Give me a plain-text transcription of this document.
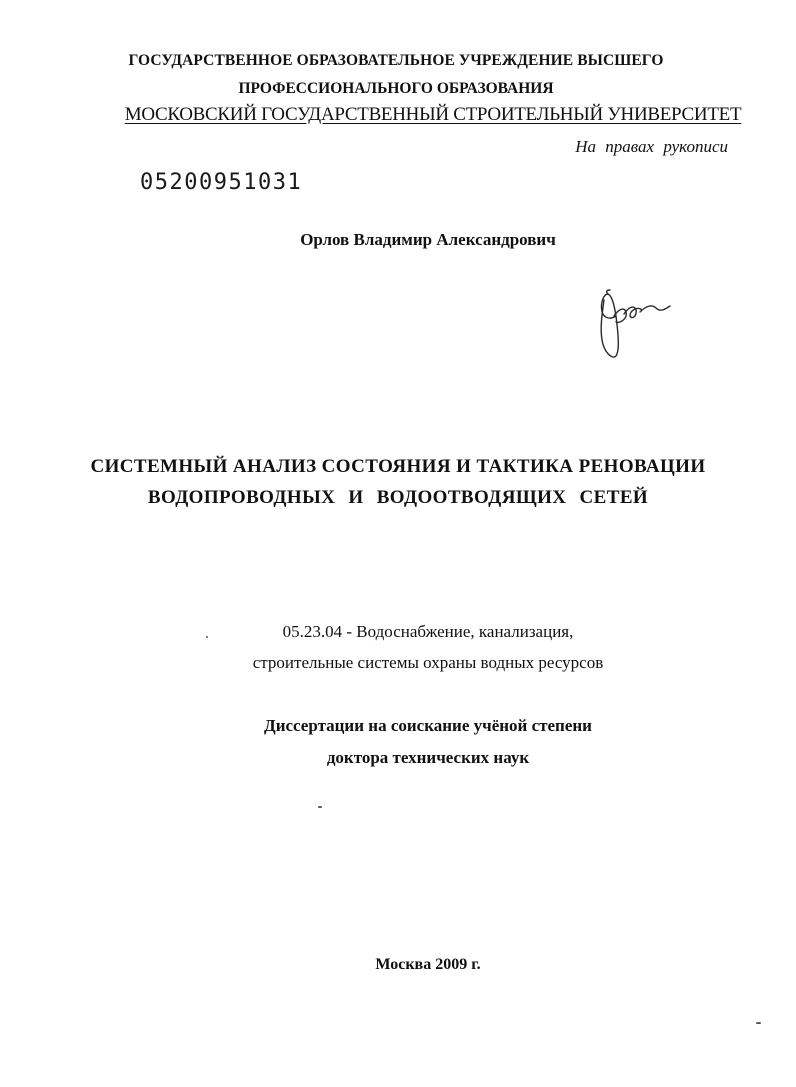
ГОСУДАРСТВЕННОЕ ОБРАЗОВАТЕЛЬНОЕ УЧРЕЖДЕНИЕ ВЫСШЕГО
ПРОФЕССИОНАЛЬНОГО ОБРАЗОВАНИЯ
МОСКОВСКИЙ ГОСУДАРСТВЕННЫЙ СТРОИТЕЛЬНЫЙ УНИВЕРСИТЕТ
На правах рукописи
05200951031
Орлов Владимир Александрович
СИСТЕМНЫЙ АНАЛИЗ СОСТОЯНИЯ И ТАКТИКА РЕНОВАЦИИ
ВОДОПРОВОДНЫХ И ВОДООТВОДЯЩИХ СЕТЕЙ
05.23.04 - Водоснабжение, канализация,
строительные системы охраны водных ресурсов
Диссертации на соискание учёной степени
доктора технических наук
Москва 2009 г.
